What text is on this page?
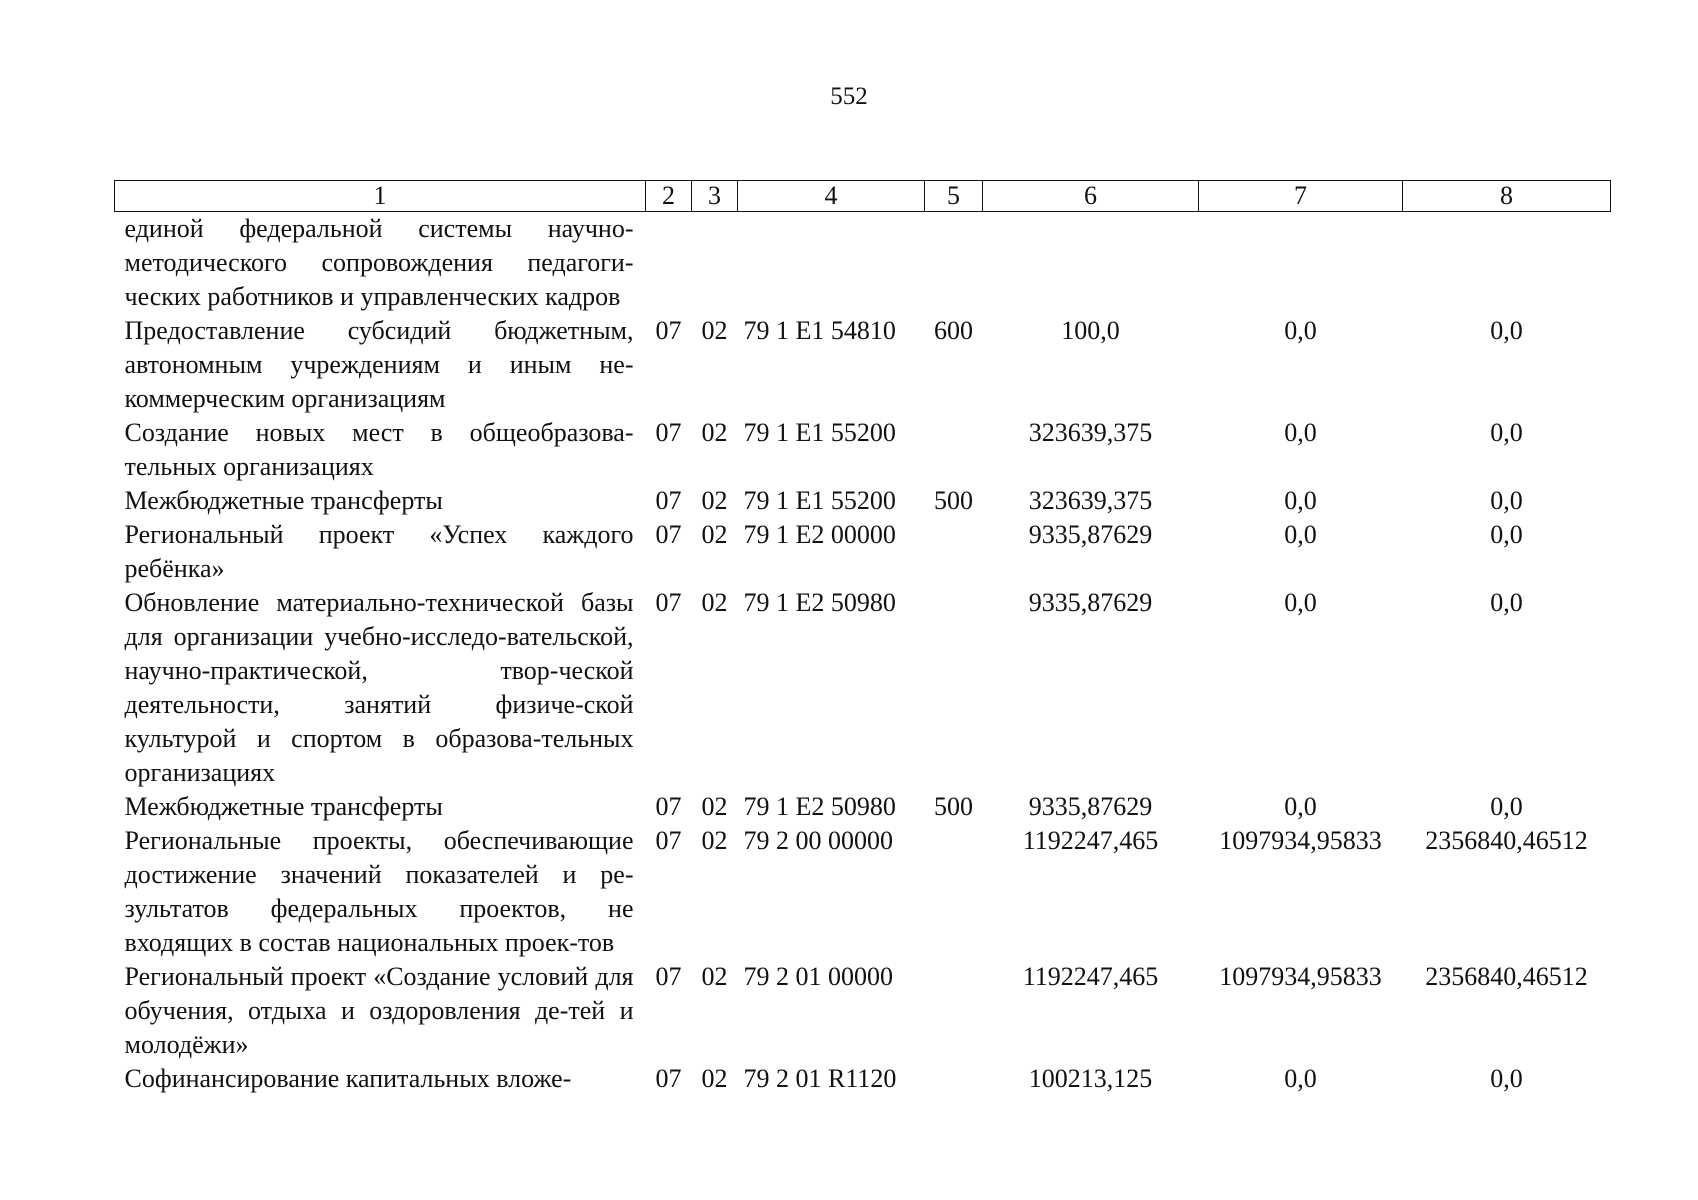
552
1	2	3	4	5	6	7	8
единой федеральной системы научно-методического сопровождения педагоги-ческих работников и управленческих кадров							
Предоставление субсидий бюджетным, автономным учреждениям и иным не-коммерческим организациям	07	02	79 1 E1 54810	600	100,0	0,0	0,0
Создание новых мест в общеобразова-тельных организациях	07	02	79 1 E1 55200		323639,375	0,0	0,0
Межбюджетные трансферты	07	02	79 1 E1 55200	500	323639,375	0,0	0,0
Региональный проект «Успех каждого ребёнка»	07	02	79 1 E2 00000		9335,87629	0,0	0,0
Обновление материально-технической базы для организации учебно-исследо-вательской, научно-практической, твор-ческой деятельности, занятий физиче-ской культурой и спортом в образова-тельных организациях	07	02	79 1 E2 50980		9335,87629	0,0	0,0
Межбюджетные трансферты	07	02	79 1 E2 50980	500	9335,87629	0,0	0,0
Региональные проекты, обеспечивающие достижение значений показателей и ре-зультатов федеральных проектов, не входящих в состав национальных проек-тов	07	02	79 2 00 00000		1192247,465	1097934,95833	2356840,46512
Региональный проект «Создание условий для обучения, отдыха и оздоровления де-тей и молодёжи»	07	02	79 2 01 00000		1192247,465	1097934,95833	2356840,46512
Софинансирование капитальных вложе-	07	02	79 2 01 R1120		100213,125	0,0	0,0
